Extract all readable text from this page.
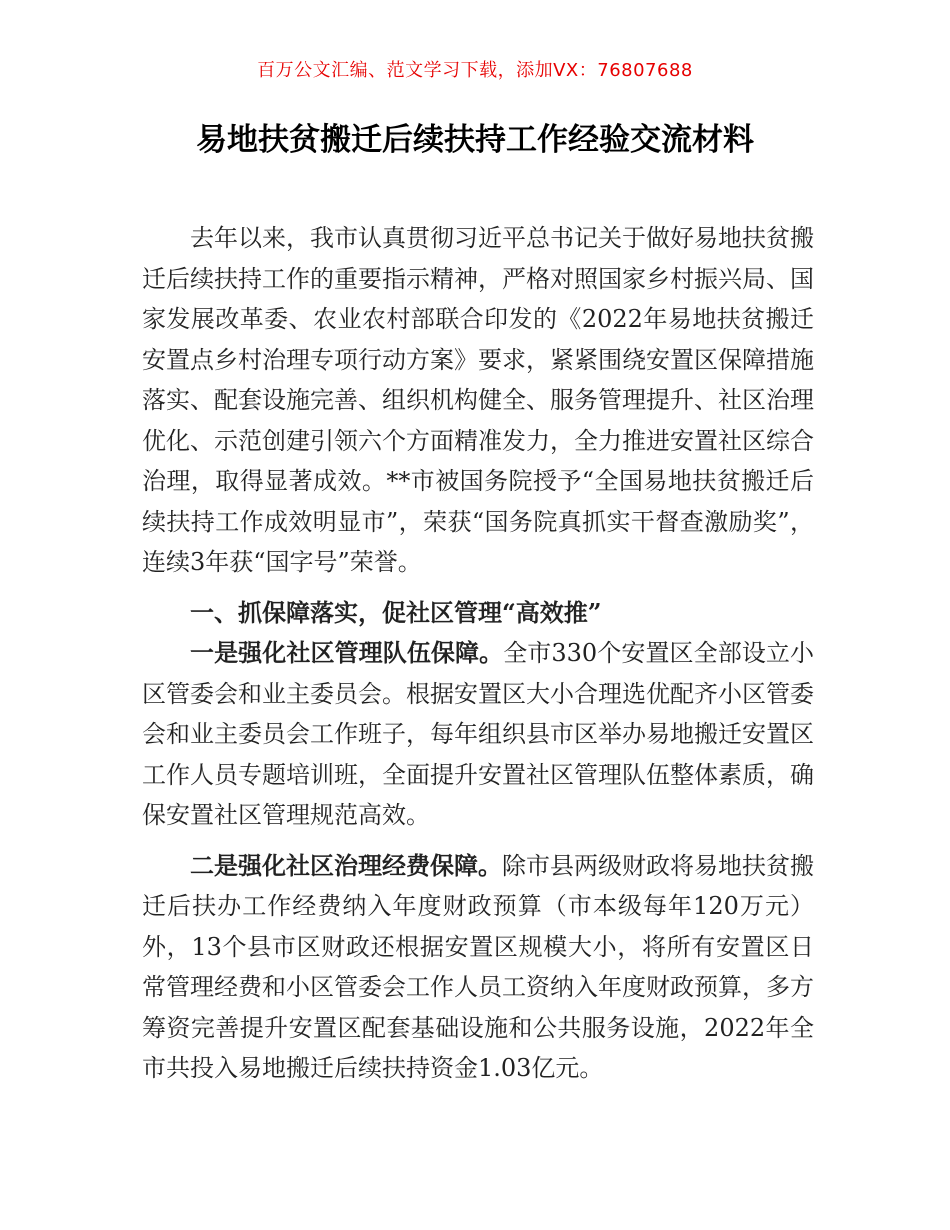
百万公文汇编、范文学习下载，添加VX：76807688
易地扶贫搬迁后续扶持工作经验交流材料

去年以来，我市认真贯彻习近平总书记关于做好易地扶贫搬迁后续扶持工作的重要指示精神，严格对照国家乡村振兴局、国家发展改革委、农业农村部联合印发的《2022年易地扶贫搬迁安置点乡村治理专项行动方案》要求，紧紧围绕安置区保障措施落实、配套设施完善、组织机构健全、服务管理提升、社区治理优化、示范创建引领六个方面精准发力，全力推进安置社区综合治理，取得显著成效。**市被国务院授予“全国易地扶贫搬迁后续扶持工作成效明显市”，荣获“国务院真抓实干督查激励奖”，连续3年获“国字号”荣誉。

一、抓保障落实，促社区管理“高效推”

一是强化社区管理队伍保障。全市330个安置区全部设立小区管委会和业主委员会。根据安置区大小合理选优配齐小区管委会和业主委员会工作班子，每年组织县市区举办易地搬迁安置区工作人员专题培训班，全面提升安置社区管理队伍整体素质，确保安置社区管理规范高效。

二是强化社区治理经费保障。除市县两级财政将易地扶贫搬迁后扶办工作经费纳入年度财政预算（市本级每年120万元）外，13个县市区财政还根据安置区规模大小，将所有安置区日常管理经费和小区管委会工作人员工资纳入年度财政预算，多方筹资完善提升安置区配套基础设施和公共服务设施，2022年全市共投入易地搬迁后续扶持资金1.03亿元。
